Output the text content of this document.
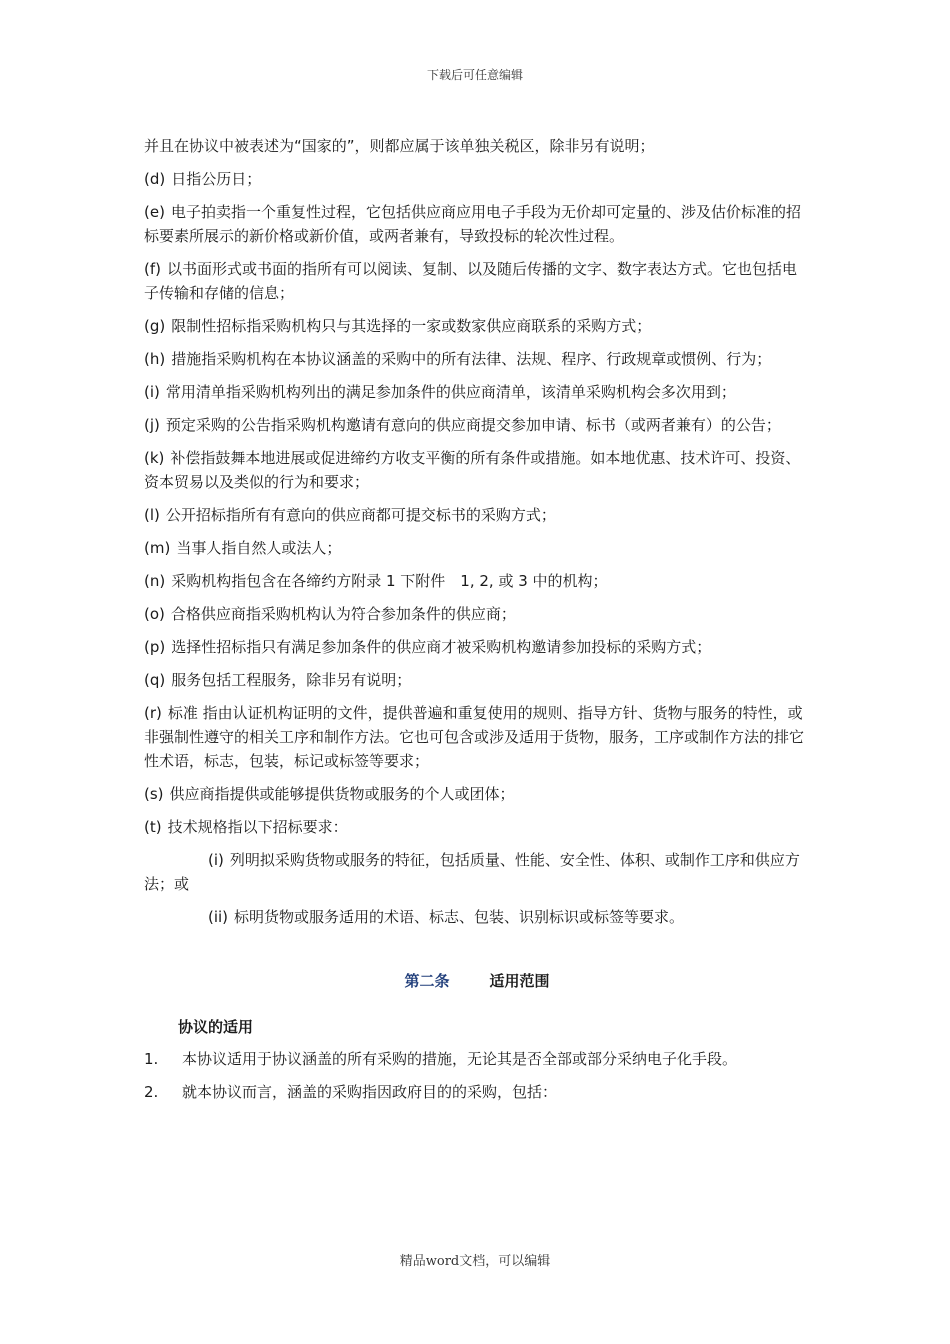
下载后可任意编辑

并且在协议中被表述为“国家的”，则都应属于该单独关税区，除非另有说明；

(d) 日指公历日；

(e) 电子拍卖指一个重复性过程，它包括供应商应用电子手段为无价却可定量的、涉及估价标准的招标要素所展示的新价格或新价值，或两者兼有，导致投标的轮次性过程。

(f) 以书面形式或书面的指所有可以阅读、复制、以及随后传播的文字、数字表达方式。它也包括电子传输和存储的信息；

(g) 限制性招标指采购机构只与其选择的一家或数家供应商联系的采购方式；

(h) 措施指采购机构在本协议涵盖的采购中的所有法律、法规、程序、行政规章或惯例、行为；

(i) 常用清单指采购机构列出的满足参加条件的供应商清单，该清单采购机构会多次用到；

(j) 预定采购的公告指采购机构邀请有意向的供应商提交参加申请、标书（或两者兼有）的公告；

(k) 补偿指鼓舞本地进展或促进缔约方收支平衡的所有条件或措施。如本地优惠、技术许可、投资、资本贸易以及类似的行为和要求；

(l) 公开招标指所有有意向的供应商都可提交标书的采购方式；

(m) 当事人指自然人或法人；

(n) 采购机构指包含在各缔约方附录 1 下附件　1, 2, 或 3 中的机构；

(o) 合格供应商指采购机构认为符合参加条件的供应商；

(p) 选择性招标指只有满足参加条件的供应商才被采购机构邀请参加投标的采购方式；

(q) 服务包括工程服务，除非另有说明；

(r) 标准 指由认证机构证明的文件，提供普遍和重复使用的规则、指导方针、货物与服务的特性，或非强制性遵守的相关工序和制作方法。它也可包含或涉及适用于货物，服务，工序或制作方法的排它性术语，标志，包装，标记或标签等要求；

(s) 供应商指提供或能够提供货物或服务的个人或团体；

(t) 技术规格指以下招标要求：

(i) 列明拟采购货物或服务的特征，包括质量、性能、安全性、体积、或制作工序和供应方法；或

(ii) 标明货物或服务适用的术语、标志、包装、识别标识或标签等要求。

第二条	适用范围
协议的适用

1. 本协议适用于协议涵盖的所有采购的措施，无论其是否全部或部分采纳电子化手段。

2. 就本协议而言，涵盖的采购指因政府目的的采购，包括：

精品word文档，可以编辑
